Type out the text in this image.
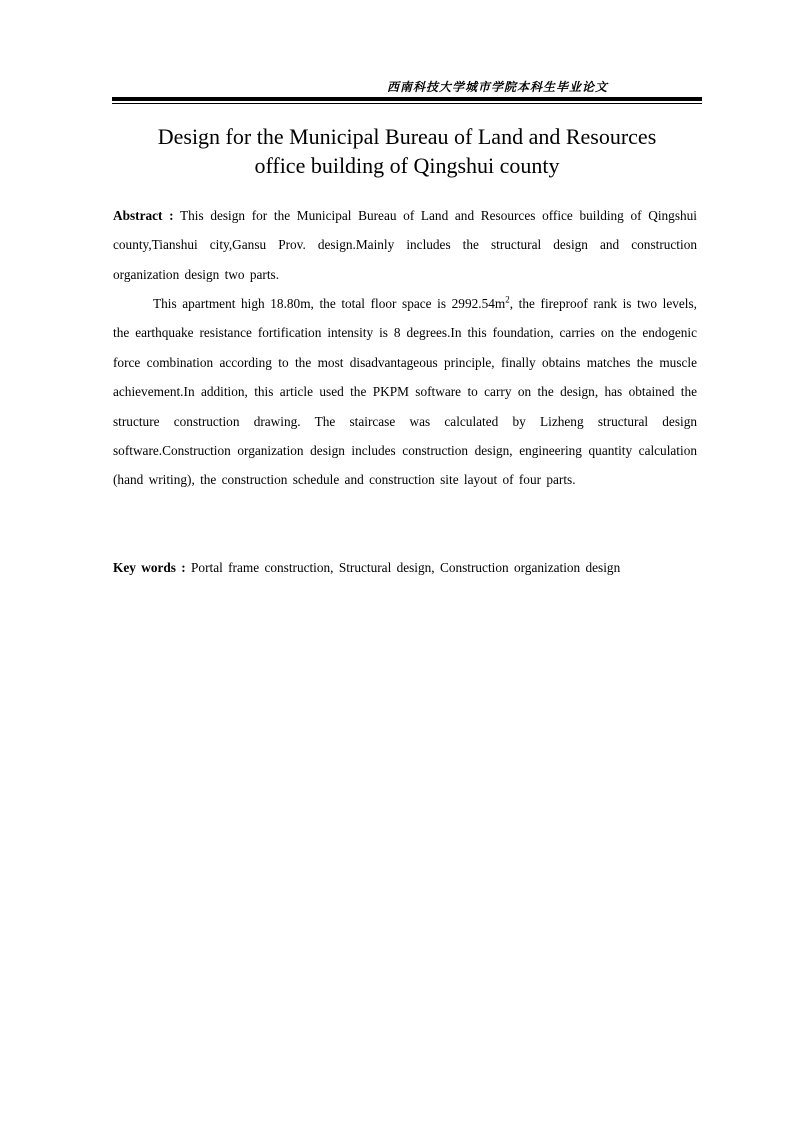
西南科技大学城市学院本科生毕业论文
Design for the Municipal Bureau of Land and Resources
office building of Qingshui county
Abstract : This design for the Municipal Bureau of Land and Resources office building of Qingshui county,Tianshui city,Gansu Prov. design.Mainly includes the structural design and construction organization design two parts.
This apartment high 18.80m, the total floor space is $2992.54m^2$, the fireproof rank is two levels, the earthquake resistance fortification intensity is 8 degrees.In this foundation, carries on the endogenic force combination according to the most disadvantageous principle, finally obtains matches the muscle achievement.In addition, this article used the PKPM software to carry on the design, has obtained the structure construction drawing. The staircase was calculated by Lizheng structural design software.Construction organization design includes construction design, engineering quantity calculation (hand writing), the construction schedule and construction site layout of four parts.
Key words : Portal frame construction, Structural design, Construction organization design
